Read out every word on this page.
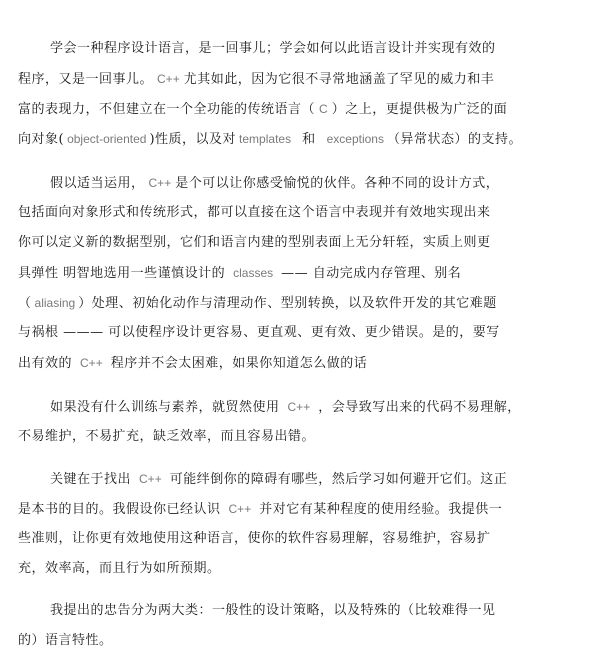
学会一种程序设计语言，是一回事儿；学会如何以此语言设计并实现有效的
程序，又是一回事儿。 C++ 尤其如此，因为它很不寻常地涵盖了罕见的威力和丰
富的表现力，不但建立在一个全功能的传统语言（ C ）之上，更提供极为广泛的面
向对象( object-oriented )性质，以及对 templates 和 exceptions （异常状态）的支持。
假以适当运用， C++ 是个可以让你感受愉悦的伙伴。各种不同的设计方式，
包括面向对象形式和传统形式，都可以直接在这个语言中表现并有效地实现出来
你可以定义新的数据型别，它们和语言内建的型别表面上无分轩轾，实质上则更
具弹性 明智地选用一些谨慎设计的 classes —— 自动完成内存管理、别名
（ aliasing ）处理、初始化动作与清理动作、型别转换，以及软件开发的其它难题
与祸根 ——— 可以使程序设计更容易、更直观、更有效、更少错误。是的，要写
出有效的 C++ 程序并不会太困难，如果你知道怎么做的话
如果没有什么训练与素养，就贸然使用 C++ ，会导致写出来的代码不易理解，
不易维护，不易扩充，缺乏效率，而且容易出错。
关键在于找出 C++ 可能绊倒你的障碍有哪些，然后学习如何避开它们。这正
是本书的目的。我假设你已经认识 C++ 并对它有某种程度的使用经验。我提供一
些准则，让你更有效地使用这种语言，使你的软件容易理解，容易维护，容易扩
充，效率高，而且行为如所预期。
我提出的忠告分为两大类：一般性的设计策略，以及特殊的（比较难得一见
的）语言特性。
